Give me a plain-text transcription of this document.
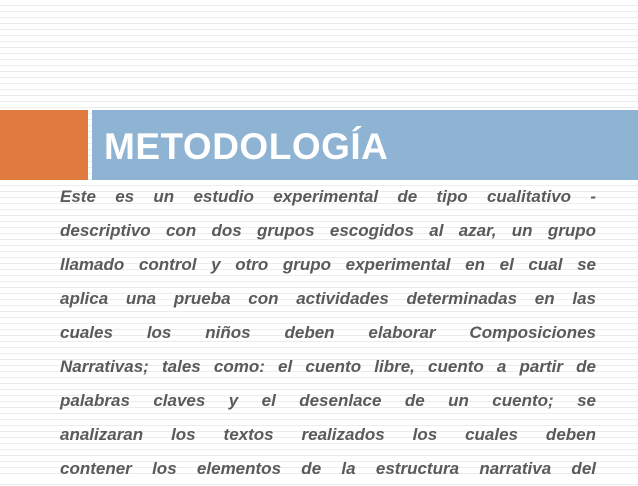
METODOLOGÍA
Este es un estudio experimental de tipo cualitativo -
descriptivo con dos grupos escogidos al azar, un grupo
llamado control y otro grupo experimental en el cual se
aplica una prueba con actividades determinadas en las
cuales los niños deben elaborar Composiciones
Narrativas; tales como: el cuento libre, cuento a partir de
palabras claves y el desenlace de un cuento; se
analizaran los textos realizados los cuales deben
contener los elementos de la estructura narrativa del
